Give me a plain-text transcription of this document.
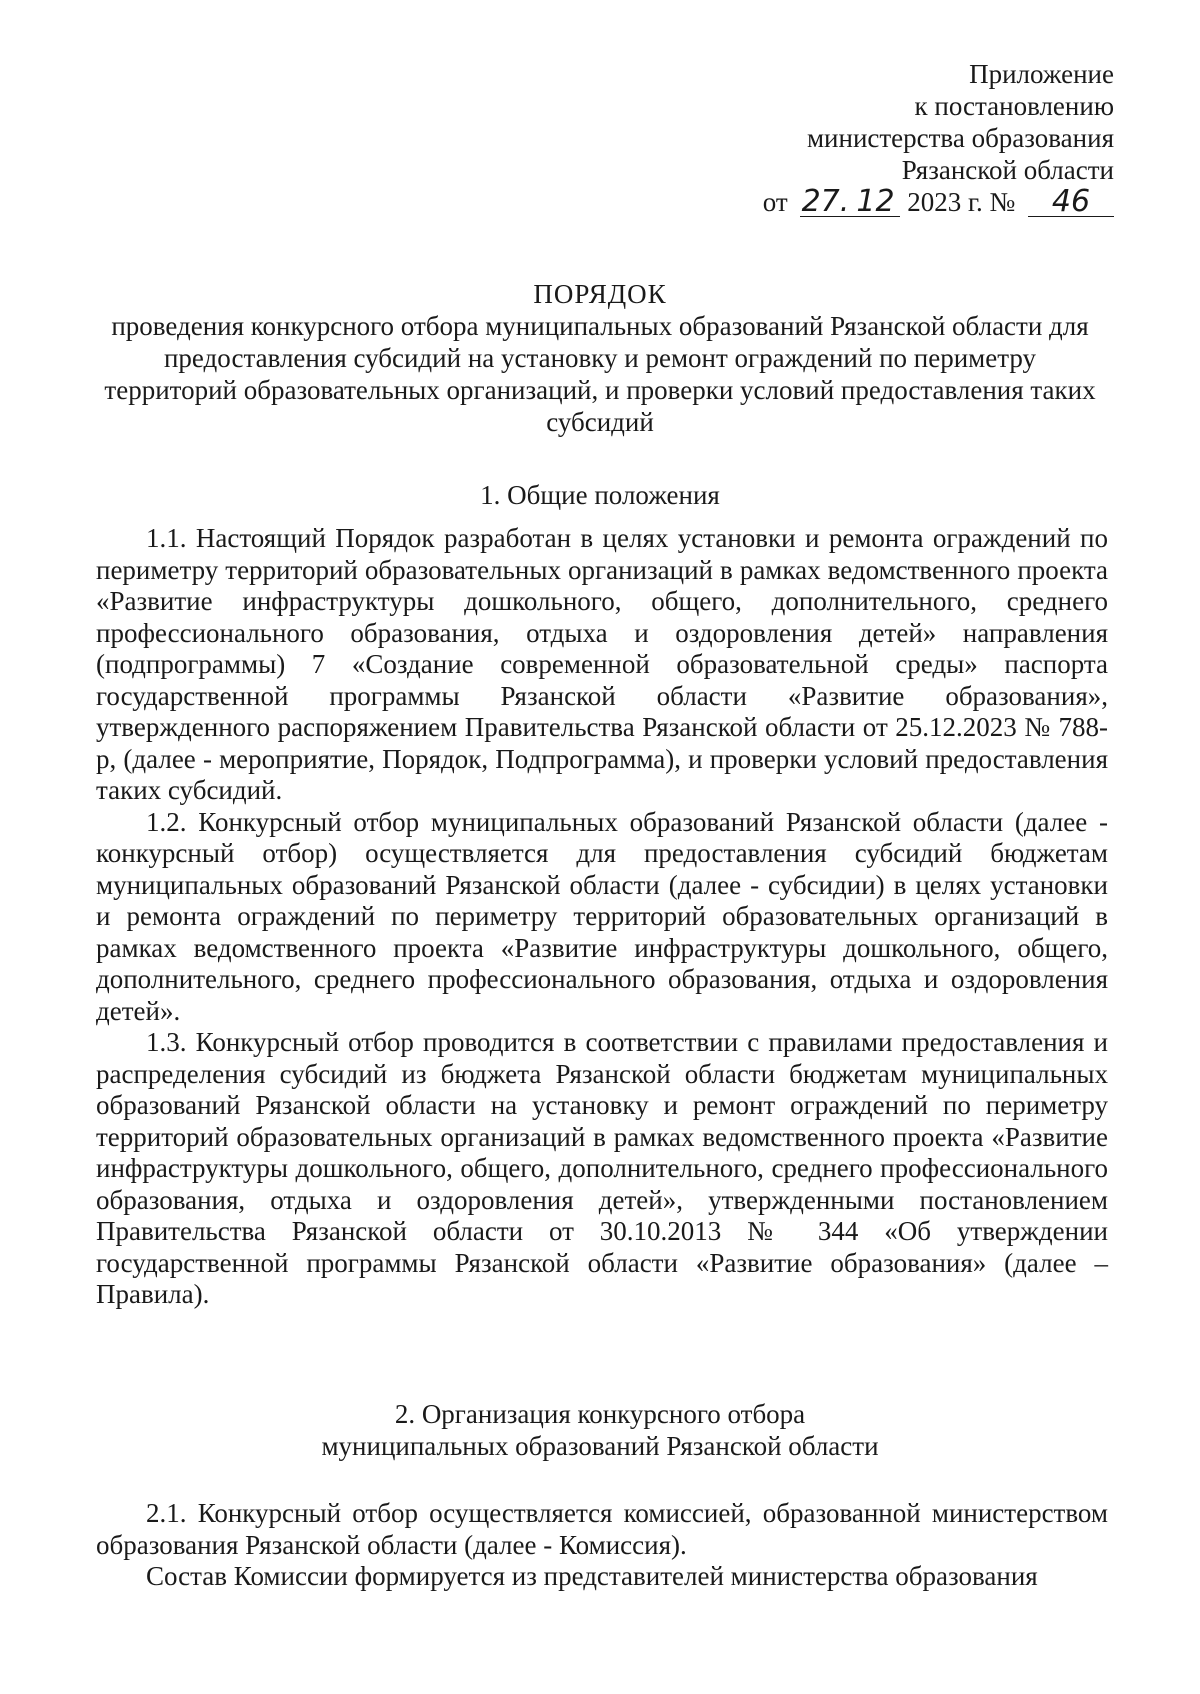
Приложение
к постановлению
министерства образования
Рязанской области
от 27. 12 2023 г. № 46
ПОРЯДОК
проведения конкурсного отбора муниципальных образований Рязанской области для предоставления субсидий на установку и ремонт ограждений по периметру территорий образовательных организаций, и проверки условий предоставления таких субсидий
1. Общие положения

1.1. Настоящий Порядок разработан в целях установки и ремонта ограждений по периметру территорий образовательных организаций в рамках ведомственного проекта «Развитие инфраструктуры дошкольного, общего, дополнительного, среднего профессионального образования, отдыха и оздоровления детей» направления (подпрограммы) 7 «Создание современной образовательной среды» паспорта государственной программы Рязанской области «Развитие образования», утвержденного распоряжением Правительства Рязанской области от 25.12.2023 № 788-р, (далее - мероприятие, Порядок, Подпрограмма), и проверки условий предоставления таких субсидий.

1.2. Конкурсный отбор муниципальных образований Рязанской области (далее - конкурсный отбор) осуществляется для предоставления субсидий бюджетам муниципальных образований Рязанской области (далее - субсидии) в целях установки и ремонта ограждений по периметру территорий образовательных организаций в рамках ведомственного проекта «Развитие инфраструктуры дошкольного, общего, дополнительного, среднего профессионального образования, отдыха и оздоровления детей».

1.3. Конкурсный отбор проводится в соответствии с правилами предоставления и распределения субсидий из бюджета Рязанской области бюджетам муниципальных образований Рязанской области на установку и ремонт ограждений по периметру территорий образовательных организаций в рамках ведомственного проекта «Развитие инфраструктуры дошкольного, общего, дополнительного, среднего профессионального образования, отдыха и оздоровления детей», утвержденными постановлением Правительства Рязанской области от 30.10.2013 № 344 «Об утверждении государственной программы Рязанской области «Развитие образования» (далее – Правила).

2. Организация конкурсного отбора
муниципальных образований Рязанской области

2.1. Конкурсный отбор осуществляется комиссией, образованной министерством образования Рязанской области (далее - Комиссия).

Состав Комиссии формируется из представителей министерства образования
